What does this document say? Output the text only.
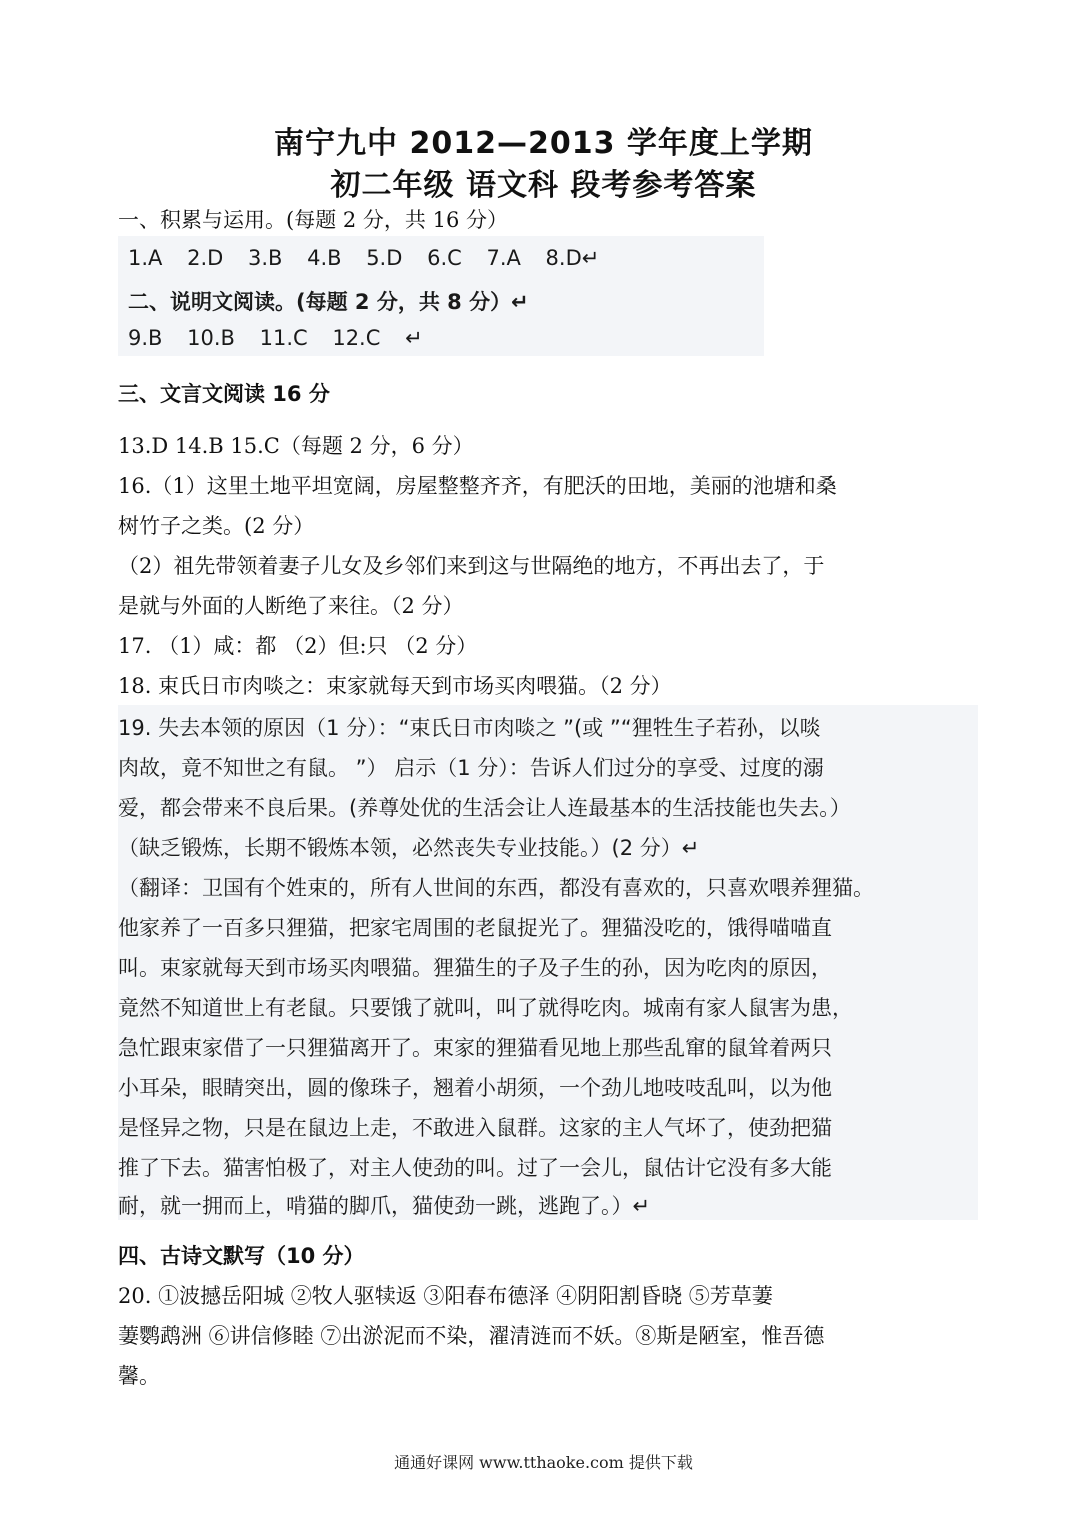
南宁九中 2012—2013 学年度上学期
初二年级 语文科 段考参考答案
一、积累与运用。(每题 2 分，共 16 分）
1.A 2.D 3.B 4.B 5.D 6.C 7.A 8.D↵
二、说明文阅读。(每题 2 分，共 8 分）↵
9.B 10.B 11.C 12.C ↵
三、文言文阅读 16 分
13.D 14.B 15.C（每题 2 分，6 分）
16.（1）这里土地平坦宽阔，房屋整整齐齐，有肥沃的田地，美丽的池塘和桑
树竹子之类。(2 分）
（2）祖先带领着妻子儿女及乡邻们来到这与世隔绝的地方，不再出去了，于
是就与外面的人断绝了来往。（2 分）
17. （1）咸：都 （2）但:只 （2 分）
18. 束氏日市肉啖之：束家就每天到市场买肉喂猫。（2 分）
19. 失去本领的原因（1 分）：“束氏日市肉啖之 ”(或 ”“狸牲生子若孙，以啖
肉故，竟不知世之有鼠。 ”） 启示（1 分）：告诉人们过分的享受、过度的溺
爱，都会带来不良后果。(养尊处优的生活会让人连最基本的生活技能也失去。）
（缺乏锻炼，长期不锻炼本领，必然丧失专业技能。）(2 分）↵
（翻译：卫国有个姓束的，所有人世间的东西，都没有喜欢的，只喜欢喂养狸猫。
他家养了一百多只狸猫，把家宅周围的老鼠捉光了。狸猫没吃的，饿得喵喵直
叫。束家就每天到市场买肉喂猫。狸猫生的子及子生的孙，因为吃肉的原因，
竟然不知道世上有老鼠。只要饿了就叫，叫了就得吃肉。城南有家人鼠害为患，
急忙跟束家借了一只狸猫离开了。束家的狸猫看见地上那些乱窜的鼠耸着两只
小耳朵，眼睛突出，圆的像珠子，翘着小胡须，一个劲儿地吱吱乱叫，以为他
是怪异之物，只是在鼠边上走，不敢进入鼠群。这家的主人气坏了，使劲把猫
推了下去。猫害怕极了，对主人使劲的叫。过了一会儿，鼠估计它没有多大能
耐，就一拥而上，啃猫的脚爪，猫使劲一跳，逃跑了。）↵
四、古诗文默写（10 分）
20. ①波撼岳阳城 ②牧人驱犊返 ③阳春布德泽 ④阴阳割昏晓 ⑤芳草萋
萋鹦鹉洲 ⑥讲信修睦 ⑦出淤泥而不染，濯清涟而不妖。⑧斯是陋室，惟吾德
馨。
通通好课网 www.tthaoke.com 提供下载
